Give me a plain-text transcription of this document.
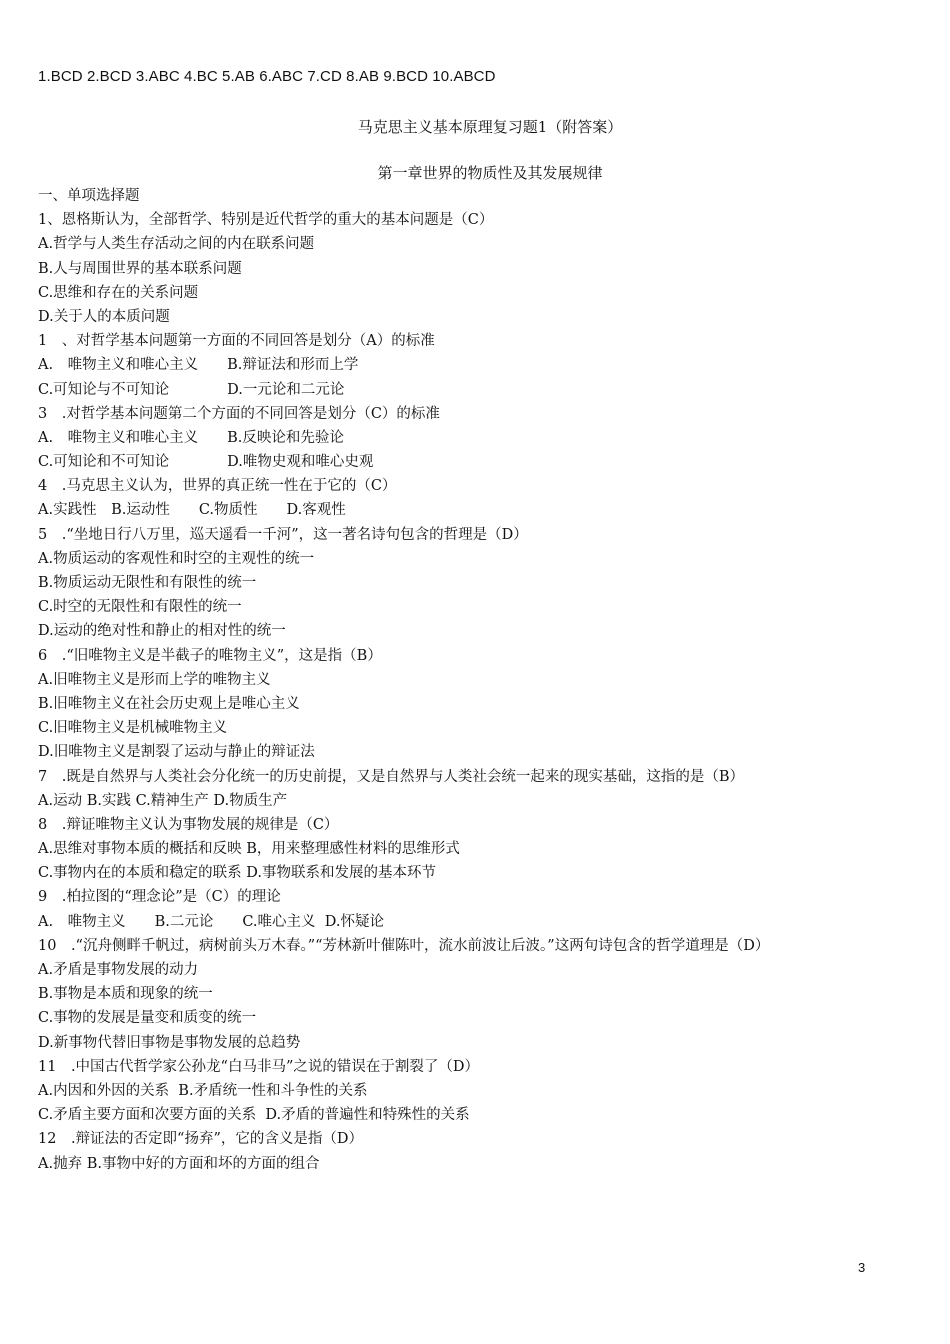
1.BCD 2.BCD 3.ABC 4.BC 5.AB 6.ABC 7.CD 8.AB 9.BCD 10.ABCD
马克思主义基本原理复习题1（附答案）
第一章世界的物质性及其发展规律
一、单项选择题
1、恩格斯认为，全部哲学、特别是近代哲学的重大的基本问题是（C）
A.哲学与人类生存活动之间的内在联系问题
B.人与周围世界的基本联系问题
C.思维和存在的关系问题
D.关于人的本质问题
1　、对哲学基本问题第一方面的不同回答是划分（A）的标准
A.　唯物主义和唯心主义　　B.辩证法和形而上学
C.可知论与不可知论　　　　D.一元论和二元论
3　.对哲学基本问题第二个方面的不同回答是划分（C）的标准
A.　唯物主义和唯心主义　　B.反映论和先验论
C.可知论和不可知论　　　　D.唯物史观和唯心史观
4　.马克思主义认为，世界的真正统一性在于它的（C）
A.实践性　B.运动性　　C.物质性　　D.客观性
5　.“坐地日行八万里，巡天遥看一千河”，这一著名诗句包含的哲理是（D）
A.物质运动的客观性和时空的主观性的统一
B.物质运动无限性和有限性的统一
C.时空的无限性和有限性的统一
D.运动的绝对性和静止的相对性的统一
6　.“旧唯物主义是半截子的唯物主义”，这是指（B）
A.旧唯物主义是形而上学的唯物主义
B.旧唯物主义在社会历史观上是唯心主义
C.旧唯物主义是机械唯物主义
D.旧唯物主义是割裂了运动与静止的辩证法
7　.既是自然界与人类社会分化统一的历史前提，又是自然界与人类社会统一起来的现实基础，这指的是（B）
A.运动 B.实践 C.精神生产 D.物质生产
8　.辩证唯物主义认为事物发展的规律是（C）
A.思维对事物本质的概括和反映 B，用来整理感性材料的思维形式
C.事物内在的本质和稳定的联系 D.事物联系和发展的基本环节
9　.柏拉图的“理念论”是（C）的理论
A.　唯物主义　　B.二元论　　C.唯心主义  D.怀疑论
10　.“沉舟侧畔千帆过，病树前头万木春。”“芳林新叶催陈叶，流水前波让后波。”这两句诗包含的哲学道理是（D）
A.矛盾是事物发展的动力
B.事物是本质和现象的统一
C.事物的发展是量变和质变的统一
D.新事物代替旧事物是事物发展的总趋势
11　.中国古代哲学家公孙龙“白马非马”之说的错误在于割裂了（D）
A.内因和外因的关系  B.矛盾统一性和斗争性的关系
C.矛盾主要方面和次要方面的关系  D.矛盾的普遍性和特殊性的关系
12　.辩证法的否定即“扬弃”，它的含义是指（D）
A.抛弃 B.事物中好的方面和坏的方面的组合
3
